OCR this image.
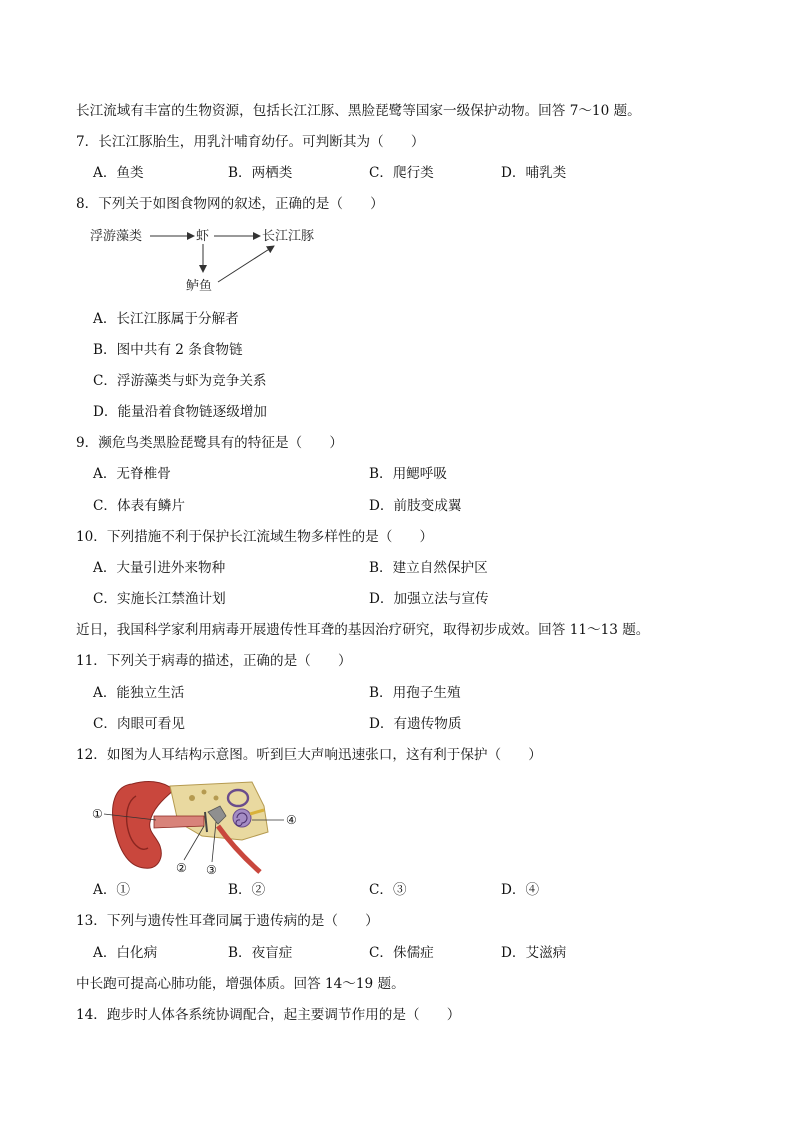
长江流域有丰富的生物资源，包括长江江豚、黑脸琵鹭等国家一级保护动物。回答 7～10 题。
7．长江江豚胎生，用乳汁哺育幼仔。可判断其为（　　）
A．鱼类	B．两栖类	C．爬行类	D．哺乳类
8．下列关于如图食物网的叙述，正确的是（　　）
浮游藻类	虾	长江江豚
鲈鱼
A．长江江豚属于分解者
B．图中共有 2 条食物链
C．浮游藻类与虾为竞争关系
D．能量沿着食物链逐级增加
9．濒危鸟类黑脸琵鹭具有的特征是（　　）
A．无脊椎骨	B．用鳃呼吸
C．体表有鳞片	D．前肢变成翼
10．下列措施不利于保护长江流域生物多样性的是（　　）
A．大量引进外来物种	B．建立自然保护区
C．实施长江禁渔计划	D．加强立法与宣传
近日，我国科学家利用病毒开展遗传性耳聋的基因治疗研究，取得初步成效。回答 11～13 题。
11．下列关于病毒的描述，正确的是（　　）
A．能独立生活	B．用孢子生殖
C．肉眼可看见	D．有遗传物质
12．如图为人耳结构示意图。听到巨大声响迅速张口，这有利于保护（　　）
①
② ③
④
A．①	B．②	C．③	D．④
13．下列与遗传性耳聋同属于遗传病的是（　　）
A．白化病	B．夜盲症	C．侏儒症	D．艾滋病
中长跑可提高心肺功能，增强体质。回答 14～19 题。
14．跑步时人体各系统协调配合，起主要调节作用的是（　　）
